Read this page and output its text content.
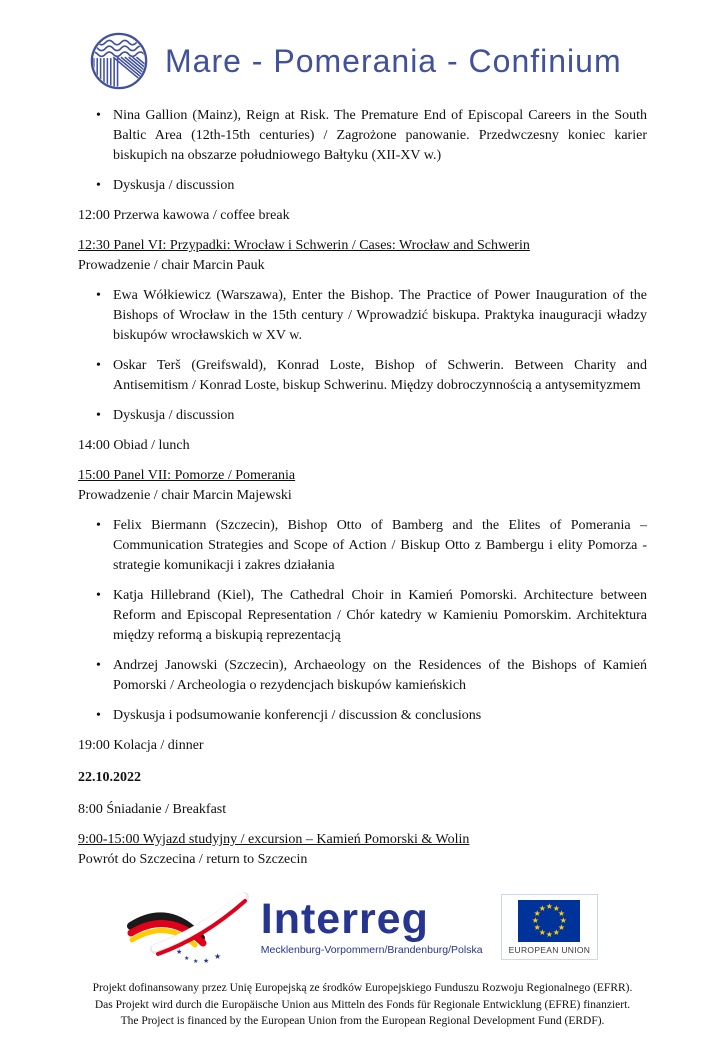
Mare - Pomerania - Confinium
• Nina Gallion (Mainz), Reign at Risk. The Premature End of Episcopal Careers in the South Baltic Area (12th-15th centuries) / Zagrożone panowanie. Przedwczesny koniec karier biskupich na obszarze południowego Bałtyku (XII-XV w.)
• Dyskusja / discussion

12:00 Przerwa kawowa / coffee break

12:30 Panel VI: Przypadki: Wrocław i Schwerin / Cases: Wrocław and Schwerin

Prowadzenie / chair Marcin Pauk

• Ewa Wółkiewicz (Warszawa), Enter the Bishop. The Practice of Power Inauguration of the Bishops of Wrocław in the 15th century / Wprowadzić biskupa. Praktyka inauguracji władzy biskupów wrocławskich w XV w.
• Oskar Terš (Greifswald), Konrad Loste, Bishop of Schwerin. Between Charity and Antisemitism / Konrad Loste, biskup Schwerinu. Między dobroczynnością a antysemityzmem
• Dyskusja / discussion

14:00 Obiad / lunch

15:00 Panel VII: Pomorze / Pomerania

Prowadzenie / chair Marcin Majewski

• Felix Biermann (Szczecin), Bishop Otto of Bamberg and the Elites of Pomerania – Communication Strategies and Scope of Action / Biskup Otto z Bambergu i elity Pomorza - strategie komunikacji i zakres działania
• Katja Hillebrand (Kiel), The Cathedral Choir in Kamień Pomorski. Architecture between Reform and Episcopal Representation / Chór katedry w Kamieniu Pomorskim. Architektura między reformą a biskupią reprezentacją
• Andrzej Janowski (Szczecin), Archaeology on the Residences of the Bishops of Kamień Pomorski / Archeologia o rezydencjach biskupów kamieńskich
• Dyskusja i podsumowanie konferencji / discussion & conclusions

19:00 Kolacja / dinner

22.10.2022

8:00 Śniadanie / Breakfast

9:00-15:00 Wyjazd studyjny / excursion – Kamień Pomorski & Wolin

Powrót do Szczecina / return to Szczecin

★
★ ★ ★ ★
Interreg
Mecklenburg-Vorpommern/Brandenburg/Polska
★ ★
★
★
★
★
★
★
★
★
★
★
EUROPEAN UNION
Projekt dofinansowany przez Unię Europejską ze środków Europejskiego Funduszu Rozwoju Regionalnego (EFRR).
Das Projekt wird durch die Europäische Union aus Mitteln des Fonds für Regionale Entwicklung (EFRE) finanziert.
The Project is financed by the European Union from the European Regional Development Fund (ERDF).
